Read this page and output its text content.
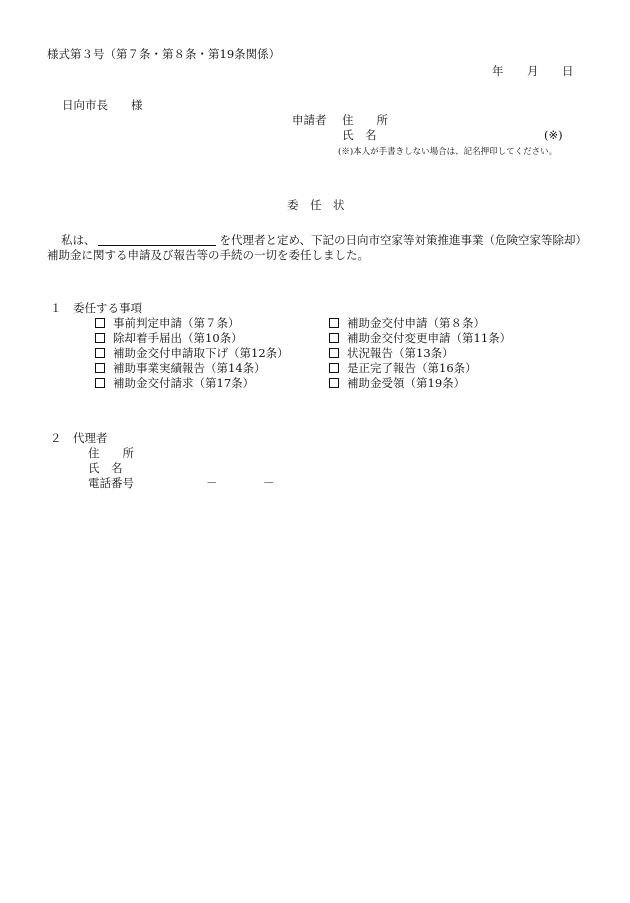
様式第３号（第７条・第８条・第19条関係）
年 月 日
日向市長　　様
申請者 住　　所
氏　名	(※)
(※)本人が手書きしない場合は、記名押印してください。
委　任　状
私は、	を代理者と定め、下記の日向市空家等対策推進事業（危険空家等除却）
補助金に関する申請及び報告等の手続の一切を委任しました。
１　委任する事項
事前判定申請（第７条）
除却着手届出（第10条）
補助金交付申請取下げ（第12条）
補助事業実績報告（第14条）
補助金交付請求（第17条）
補助金交付申請（第８条）
補助金交付変更申請（第11条）
状況報告（第13条）
是正完了報告（第16条）
補助金受領（第19条）
２　代理者
住　　所
氏　名
電話番号	－	－
